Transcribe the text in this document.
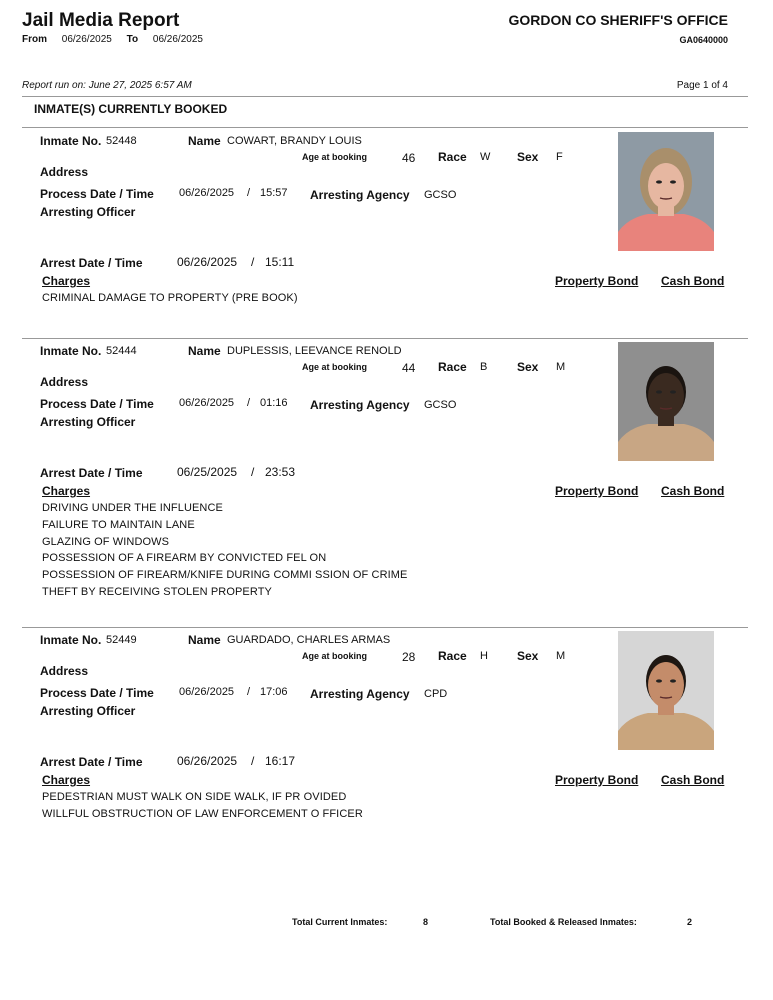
Jail Media Report	GORDON CO SHERIFF'S OFFICE
From 06/26/2025 To 06/26/2025	GA0640000
Report run on: June 27, 2025 6:57 AM	Page 1 of 4
INMATE(S) CURRENTLY BOOKED
Inmate No. 52448	Name COWART, BRANDY LOUIS
Age at booking	46 Race W Sex F
Address
Process Date / Time 06/26/2025 / 15:57 Arresting Agency GCSO
Arresting Officer
Arrest Date / Time	06/26/2025 / 15:11
Charges	Property Bond Cash Bond
CRIMINAL DAMAGE TO PROPERTY (PRE BOOK)
Inmate No. 52444	Name DUPLESSIS, LEEVANCE RENOLD
Age at booking	44 Race B Sex M
Address
Process Date / Time 06/26/2025 / 01:16 Arresting Agency GCSO
Arresting Officer
Arrest Date / Time	06/25/2025 / 23:53
Charges	Property Bond Cash Bond
DRIVING UNDER THE INFLUENCE
FAILURE TO MAINTAIN LANE
GLAZING OF WINDOWS
POSSESSION OF A FIREARM BY CONVICTED FEL ON
POSSESSION OF FIREARM/KNIFE DURING COMMI SSION OF CRIME
THEFT BY RECEIVING STOLEN PROPERTY
Inmate No. 52449	Name GUARDADO, CHARLES ARMAS
Age at booking	28 Race H Sex M
Address
Process Date / Time 06/26/2025 / 17:06 Arresting Agency CPD
Arresting Officer
Arrest Date / Time	06/26/2025 / 16:17
Charges	Property Bond Cash Bond
PEDESTRIAN MUST WALK ON SIDE WALK, IF PR OVIDED
WILLFUL OBSTRUCTION OF LAW ENFORCEMENT O FFICER
Total Current Inmates:	8	Total Booked & Released Inmates:	2
